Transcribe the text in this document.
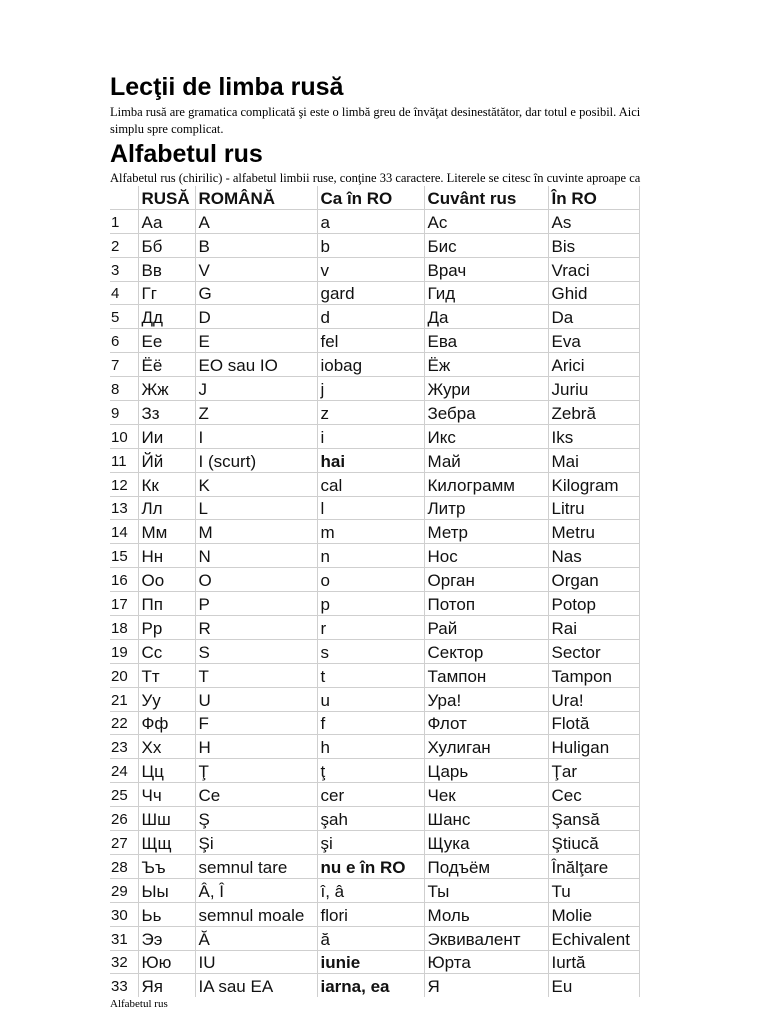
Lecţii de limba rusă

Limba rusă are gramatica complicată şi este o limbă greu de învăţat desinestătător, dar totul e posibil. Aici

simplu spre complicat.

Alfabetul rus

Alfabetul rus (chirilic) - alfabetul limbii ruse, conţine 33 caractere. Literele se citesc în cuvinte aproape ca

	RUSĂ	ROMÂNĂ	Ca în RO	Cuvânt rus	În RO
1	Аа	A	a	Ас	As
2	Бб	B	b	Бис	Bis
3	Вв	V	v	Врач	Vraci
4	Гг	G	gard	Гид	Ghid
5	Дд	D	d	Да	Da
6	Ее	E	fel	Ева	Eva
7	Ёё	EO sau IO	iobag	Ёж	Arici
8	Жж	J	j	Жури	Juriu
9	Зз	Z	z	Зебра	Zebră
10	Ии	I	i	Икс	Iks
11	Йй	I (scurt)	hai	Май	Mai
12	Кк	K	cal	Килограмм	Kilogram
13	Лл	L	l	Литр	Litru
14	Мм	M	m	Метр	Metru
15	Нн	N	n	Нос	Nas
16	Оо	O	o	Орган	Organ
17	Пп	P	p	Потоп	Potop
18	Рр	R	r	Рай	Rai
19	Сс	S	s	Сектор	Sector
20	Тт	T	t	Тампон	Tampon
21	Уу	U	u	Ура!	Ura!
22	Фф	F	f	Флот	Flotă
23	Хх	H	h	Хулиган	Huligan
24	Цц	Ţ	ţ	Царь	Ţar
25	Чч	Ce	cer	Чек	Cec
26	Шш	Ş	şah	Шанс	Şansă
27	Щщ	Şi	şi	Щука	Ştiucă
28	Ъъ	semnul tare	nu e în RO	Подъём	Înălţare
29	Ыы	Â, Î	î, â	Ты	Tu
30	Ьь	semnul moale	flori	Моль	Molie
31	Ээ	Ă	ă	Эквивалент	Echivalent
32	Юю	IU	iunie	Юрта	Iurtă
33	Яя	IA sau EA	iarna, ea	Я	Eu
Alfabetul rus
